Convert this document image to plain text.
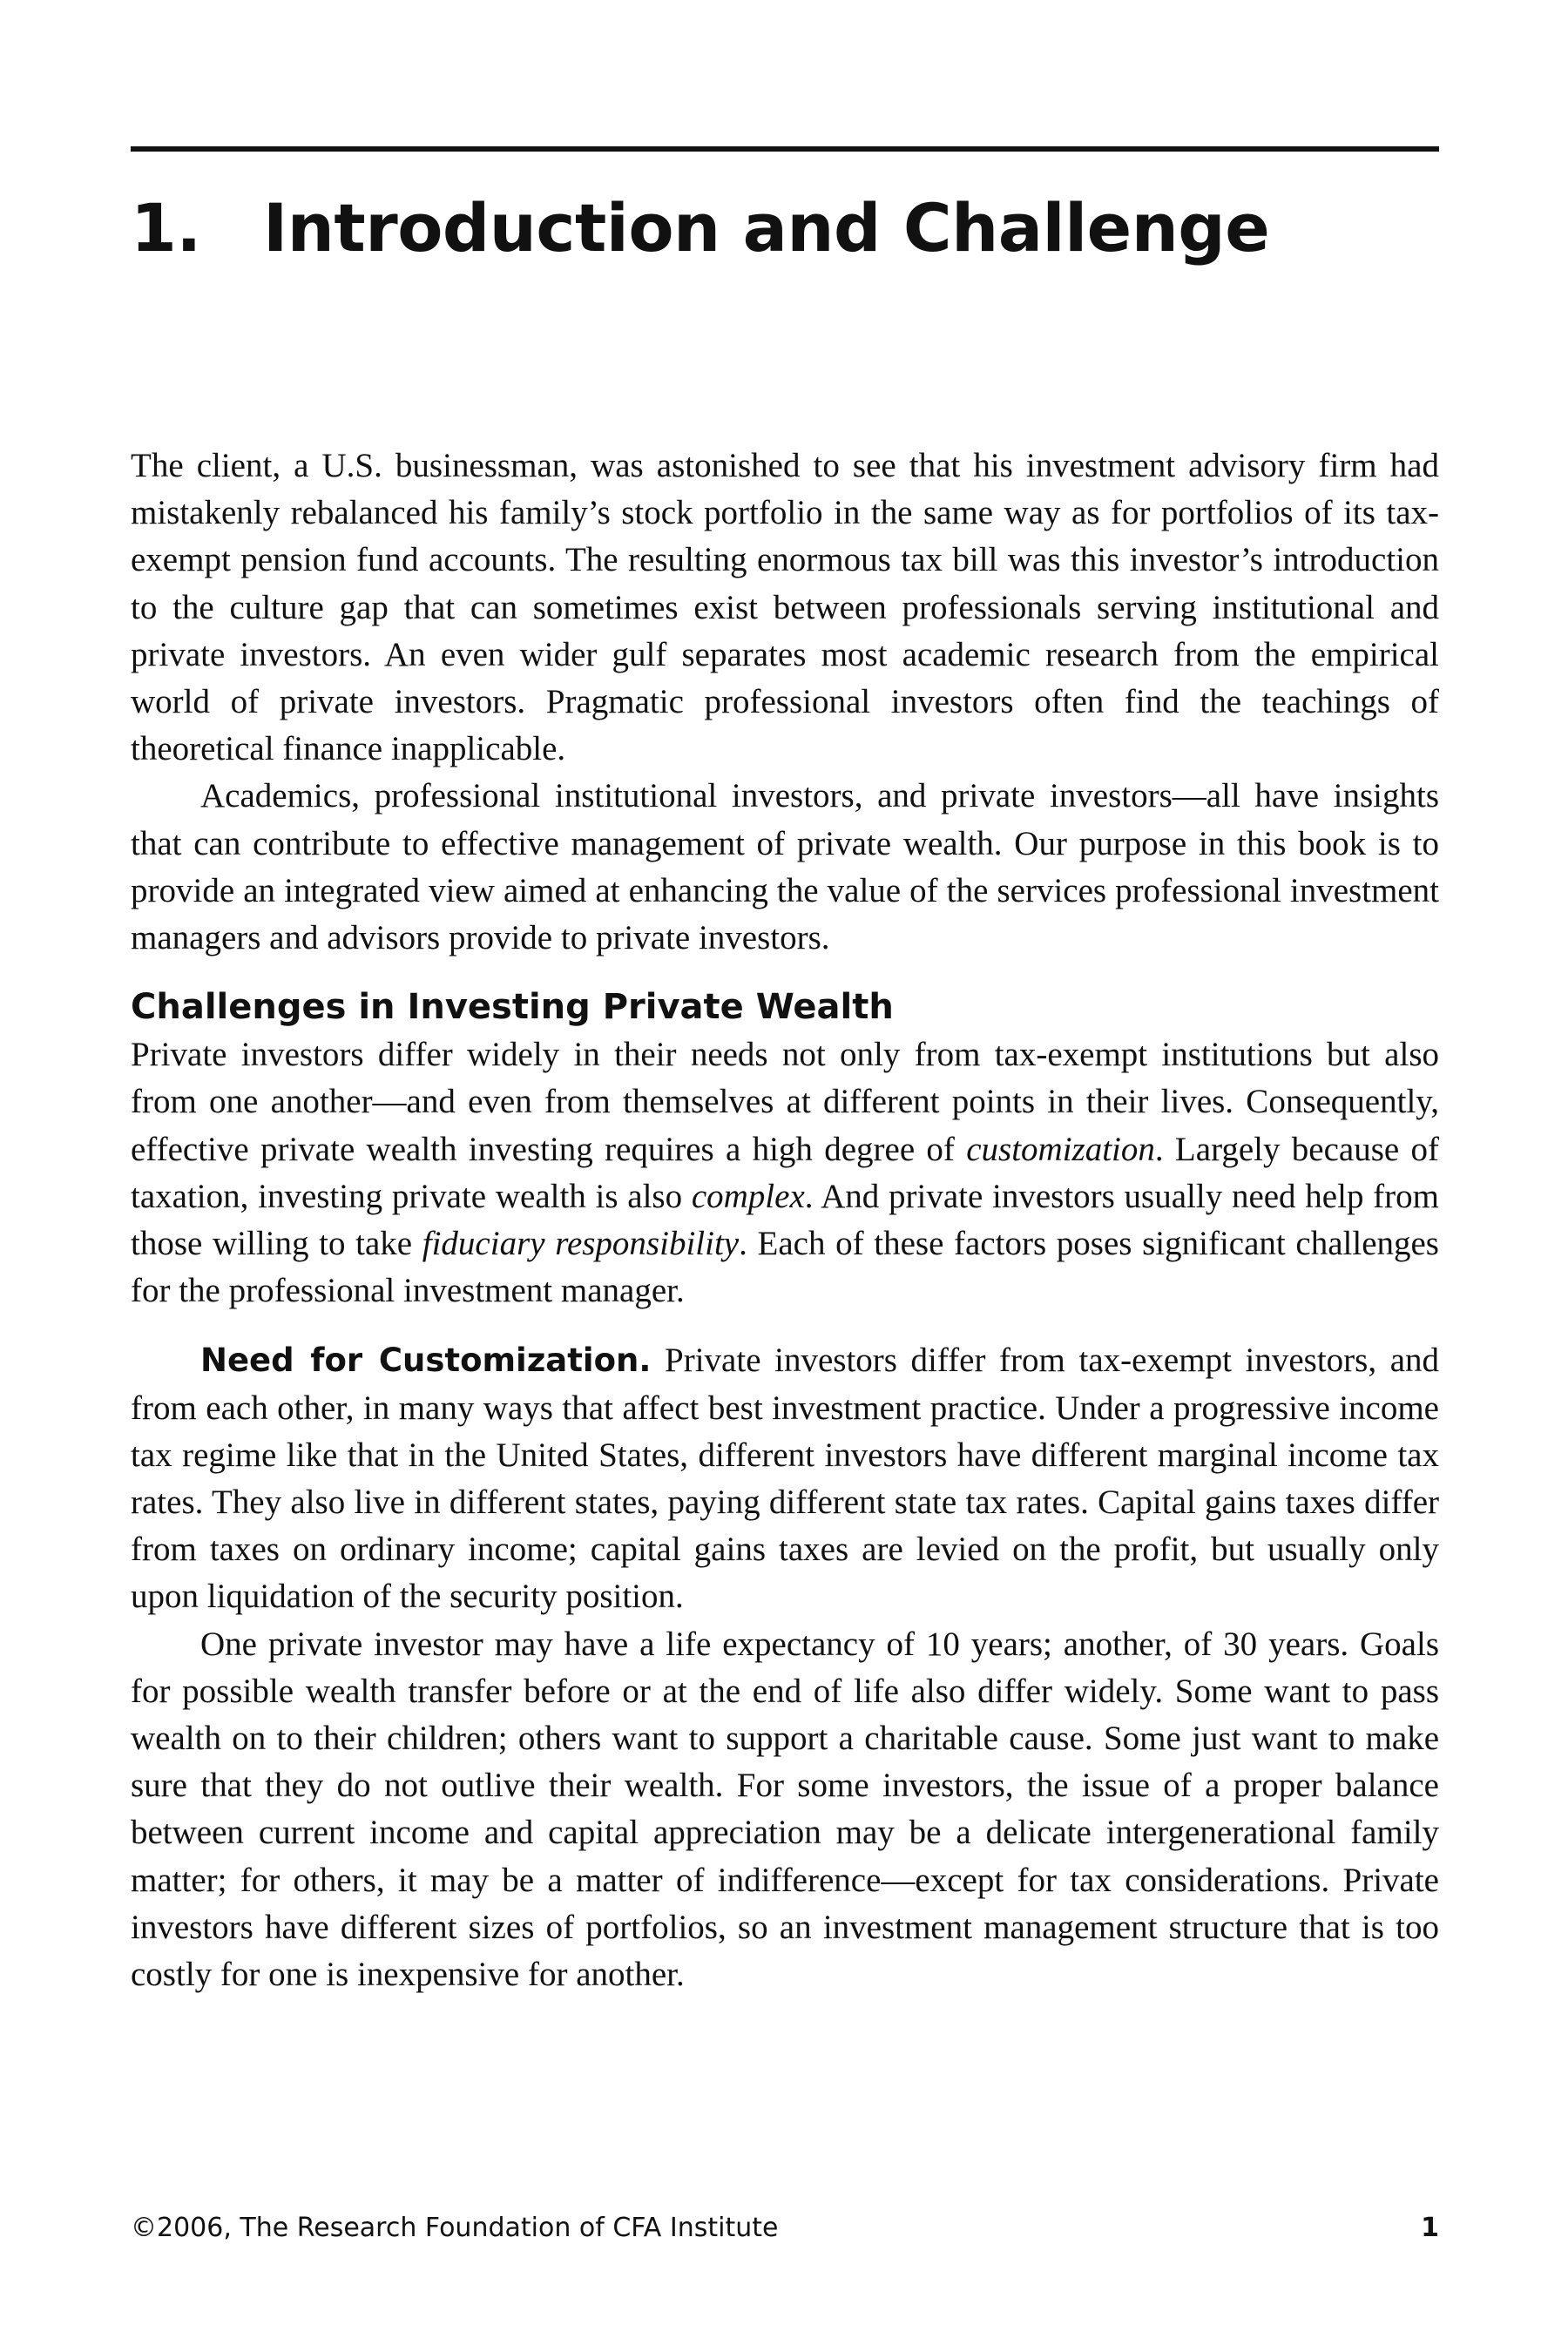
1. Introduction and Challenge

The client, a U.S. businessman, was astonished to see that his investment advisory firm had mistakenly rebalanced his family’s stock portfolio in the same way as for portfolios of its tax-exempt pension fund accounts. The resulting enormous tax bill was this investor’s introduction to the culture gap that can sometimes exist between professionals serving institutional and private investors. An even wider gulf separates most academic research from the empirical world of private investors. Pragmatic professional investors often find the teachings of theoretical finance inapplicable.

Academics, professional institutional investors, and private investors—all have insights that can contribute to effective management of private wealth. Our purpose in this book is to provide an integrated view aimed at enhancing the value of the services professional investment managers and advisors provide to private investors.

Challenges in Investing Private Wealth

Private investors differ widely in their needs not only from tax-exempt institutions but also from one another—and even from themselves at different points in their lives. Consequently, effective private wealth investing requires a high degree of customization. Largely because of taxation, investing private wealth is also complex. And private investors usually need help from those willing to take fiduciary responsibility. Each of these factors poses significant challenges for the professional investment manager.

Need for Customization. Private investors differ from tax-exempt investors, and from each other, in many ways that affect best investment practice. Under a progressive income tax regime like that in the United States, different investors have different marginal income tax rates. They also live in different states, paying different state tax rates. Capital gains taxes differ from taxes on ordinary income; capital gains taxes are levied on the profit, but usually only upon liquidation of the security position.

One private investor may have a life expectancy of 10 years; another, of 30 years. Goals for possible wealth transfer before or at the end of life also differ widely. Some want to pass wealth on to their children; others want to support a charitable cause. Some just want to make sure that they do not outlive their wealth. For some investors, the issue of a proper balance between current income and capital appreciation may be a delicate intergenerational family matter; for others, it may be a matter of indifference—except for tax considerations. Private investors have different sizes of portfolios, so an investment management structure that is too costly for one is inexpensive for another.

©2006, The Research Foundation of CFA Institute	1
